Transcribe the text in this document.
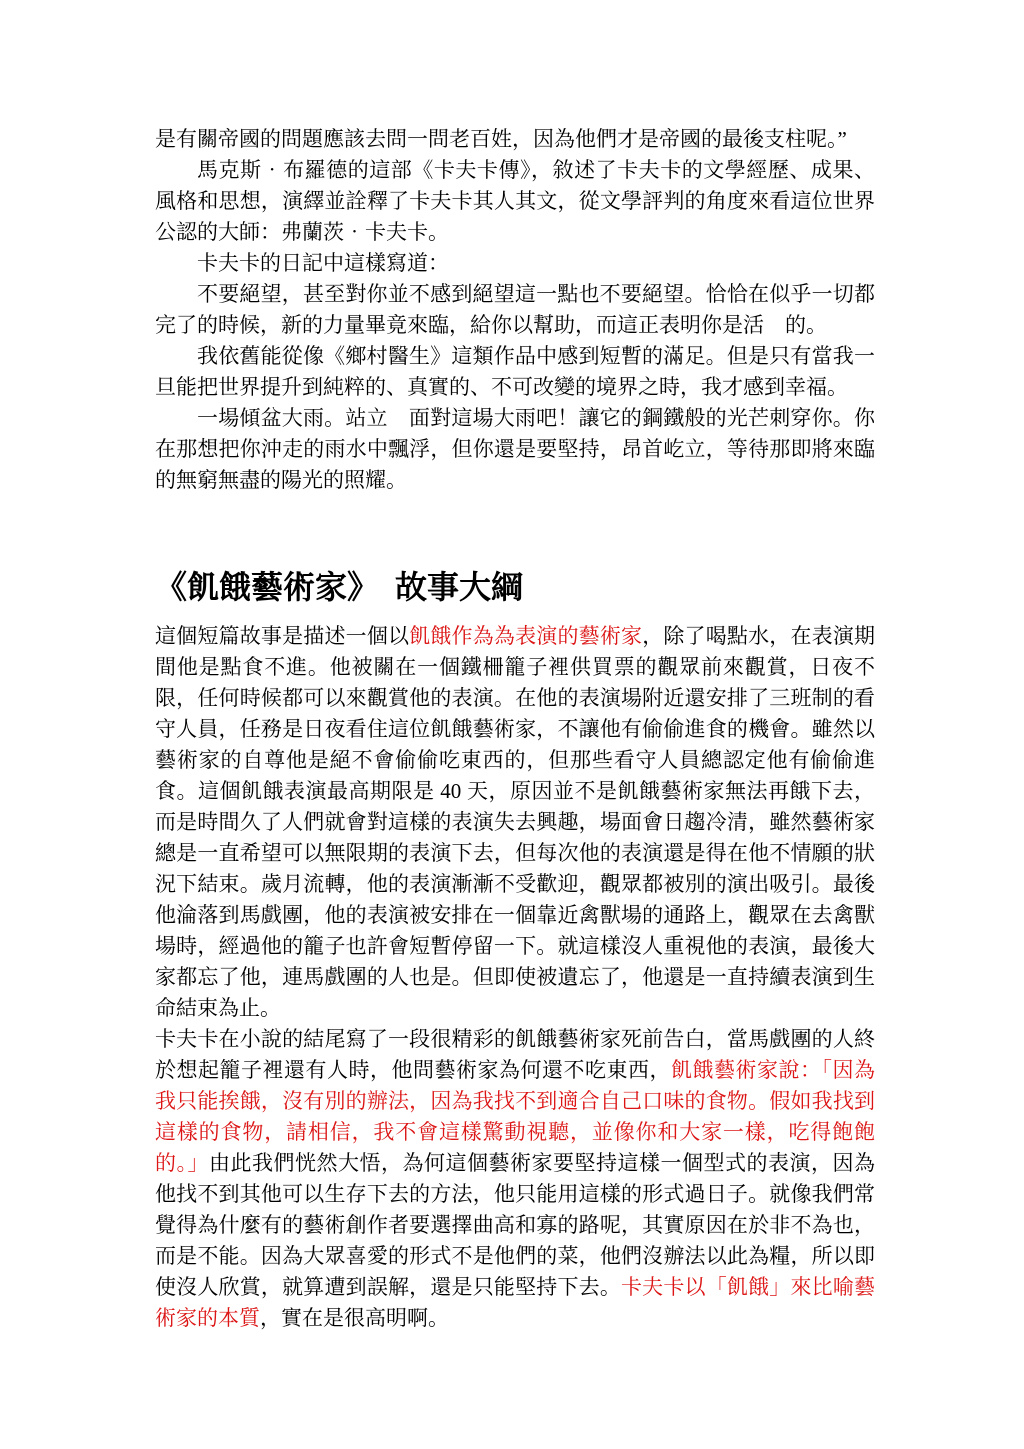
是有關帝國的問題應該去問一問老百姓，因為他們才是帝國的最後支柱呢。”

馬克斯‧布羅德的這部《卡夫卡傳》，敘述了卡夫卡的文學經歷、成果、風格和思想，演繹並詮釋了卡夫卡其人其文，從文學評判的角度來看這位世界公認的大師：弗蘭茨‧卡夫卡。

卡夫卡的日記中這樣寫道：

不要絕望，甚至對你並不感到絕望這一點也不要絕望。恰恰在似乎一切都完了的時候，新的力量畢竟來臨，給你以幫助，而這正表明你是活　的。

我依舊能從像《鄉村醫生》這類作品中感到短暫的滿足。但是只有當我一旦能把世界提升到純粹的、真實的、不可改變的境界之時，我才感到幸福。

一場傾盆大雨。站立　面對這場大雨吧！讓它的鋼鐵般的光芒刺穿你。你在那想把你沖走的雨水中飄浮，但你還是要堅持，昂首屹立，等待那即將來臨的無窮無盡的陽光的照耀。

《飢餓藝術家》　故事大綱

這個短篇故事是描述一個以飢餓作為為表演的藝術家，除了喝點水，在表演期間他是點食不進。他被關在一個鐵柵籠子裡供買票的觀眾前來觀賞，日夜不限，任何時候都可以來觀賞他的表演。在他的表演場附近還安排了三班制的看守人員，任務是日夜看住這位飢餓藝術家，不讓他有偷偷進食的機會。雖然以藝術家的自尊他是絕不會偷偷吃東西的，但那些看守人員總認定他有偷偷進食。這個飢餓表演最高期限是 40 天，原因並不是飢餓藝術家無法再餓下去，而是時間久了人們就會對這樣的表演失去興趣，場面會日趨冷清，雖然藝術家總是一直希望可以無限期的表演下去，但每次他的表演還是得在他不情願的狀況下結束。歲月流轉，他的表演漸漸不受歡迎，觀眾都被別的演出吸引。最後他淪落到馬戲團，他的表演被安排在一個靠近禽獸場的通路上，觀眾在去禽獸場時，經過他的籠子也許會短暫停留一下。就這樣沒人重視他的表演，最後大家都忘了他，連馬戲團的人也是。但即使被遺忘了，他還是一直持續表演到生命結束為止。

卡夫卡在小說的結尾寫了一段很精彩的飢餓藝術家死前告白，當馬戲團的人終於想起籠子裡還有人時，他問藝術家為何還不吃東西，飢餓藝術家說：「因為我只能挨餓，沒有別的辦法，因為我找不到適合自己口味的食物。假如我找到這樣的食物，請相信，我不會這樣驚動視聽，並像你和大家一樣，吃得飽飽的。」由此我們恍然大悟，為何這個藝術家要堅持這樣一個型式的表演，因為他找不到其他可以生存下去的方法，他只能用這樣的形式過日子。就像我們常覺得為什麼有的藝術創作者要選擇曲高和寡的路呢，其實原因在於非不為也，而是不能。因為大眾喜愛的形式不是他們的菜，他們沒辦法以此為糧，所以即使沒人欣賞，就算遭到誤解，還是只能堅持下去。卡夫卡以「飢餓」來比喻藝術家的本質，實在是很高明啊。
